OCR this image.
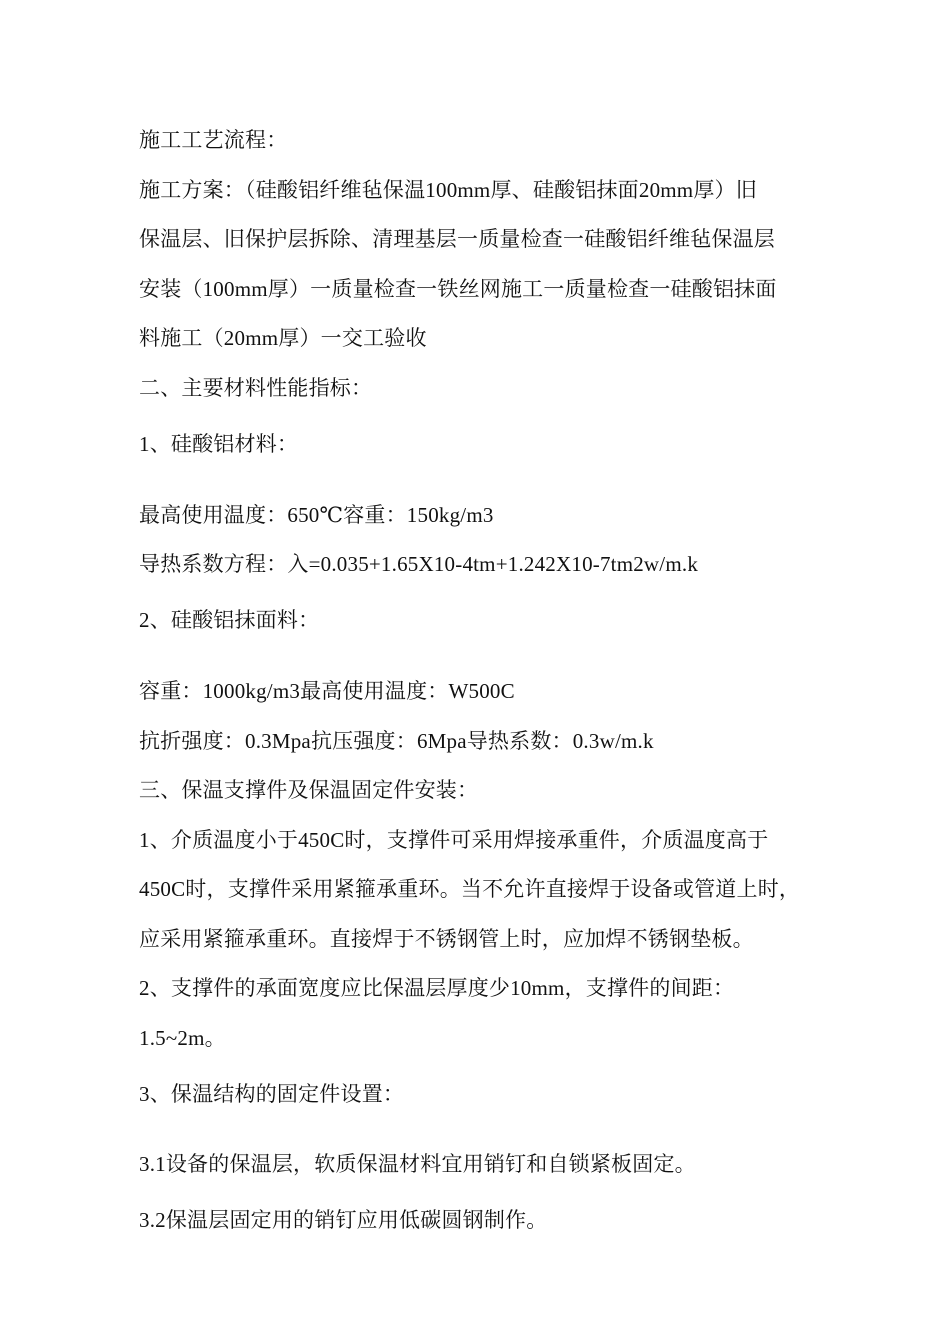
施工工艺流程：
施工方案：（硅酸铝纤维毡保温100mm厚、硅酸铝抹面20mm厚）旧
保温层、旧保护层拆除、清理基层一质量检查一硅酸铝纤维毡保温层
安装（100mm厚）一质量检查一铁丝网施工一质量检查一硅酸铝抹面
料施工（20mm厚）一交工验收
二、主要材料性能指标：
1、硅酸铝材料：
最高使用温度：650℃容重：150kg/m3
导热系数方程：入=0.035+1.65X10-4tm+1.242X10-7tm2w/m.k
2、硅酸铝抹面料：
容重：1000kg/m3最高使用温度：W500C
抗折强度：0.3Mpa抗压强度：6Mpa导热系数：0.3w/m.k
三、保温支撑件及保温固定件安装：
1、介质温度小于450C时，支撑件可采用焊接承重件，介质温度高于
450C时，支撑件采用紧箍承重环。当不允许直接焊于设备或管道上时，
应采用紧箍承重环。直接焊于不锈钢管上时，应加焊不锈钢垫板。
2、支撑件的承面宽度应比保温层厚度少10mm，支撑件的间距：
1.5~2m。
3、保温结构的固定件设置：
3.1设备的保温层，软质保温材料宜用销钉和自锁紧板固定。
3.2保温层固定用的销钉应用低碳圆钢制作。
